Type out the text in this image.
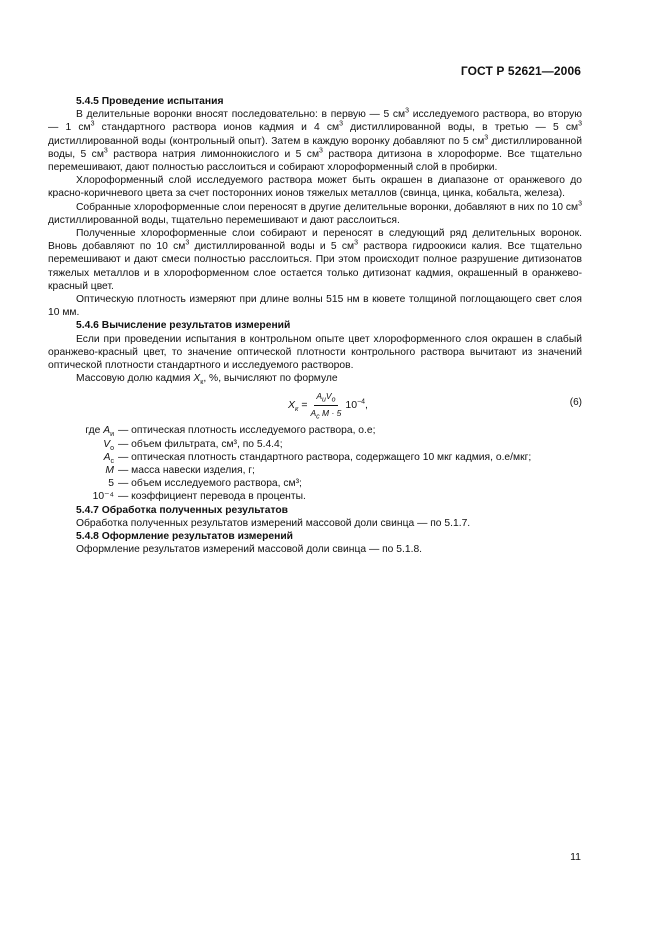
ГОСТ Р 52621—2006

5.4.5 Проведение испытания

В делительные воронки вносят последовательно: в первую — 5 $см^3$ исследуемого раствора, во вторую — 1 $см^3$ стандартного раствора ионов кадмия и 4 $см^3$ дистиллированной воды, в третью — 5 $см^3$ дистиллированной воды (контрольный опыт). Затем в каждую воронку добавляют по 5 $см^3$ дистиллированной воды, 5 $см^3$ раствора натрия лимоннокислого и 5 $см^3$ раствора дитизона в хлороформе. Все тщательно перемешивают, дают полностью расслоиться и собирают хлороформенный слой в пробирки.

Хлороформенный слой исследуемого раствора может быть окрашен в диапазоне от оранжевого до красно-коричневого цвета за счет посторонних ионов тяжелых металлов (свинца, цинка, кобальта, железа).

Собранные хлороформенные слои переносят в другие делительные воронки, добавляют в них по 10 $см^3$ дистиллированной воды, тщательно перемешивают и дают расслоиться.

Полученные хлороформенные слои собирают и переносят в следующий ряд делительных воронок. Вновь добавляют по 10 $см^3$ дистиллированной воды и 5 $см^3$ раствора гидроокиси калия. Все тщательно перемешивают и дают смеси полностью расслоиться. При этом происходит полное разрушение дитизонатов тяжелых металлов и в хлороформенном слое остается только дитизонат кадмия, окрашенный в оранжево-красный цвет.

Оптическую плотность измеряют при длине волны 515 нм в кювете толщиной поглощающего свет слоя 10 мм.

5.4.6 Вычисление результатов измерений

Если при проведении испытания в контрольном опыте цвет хлороформенного слоя окрашен в слабый оранжево-красный цвет, то значение оптической плотности контрольного раствора вычитают из значений оптической плотности стандартного и исследуемого растворов.

Массовую долю кадмия $X_к$, %, вычисляют по формуле

$X_к = \frac{A_иV_о}{A_с M \cdot 5} 10^{-4}$,	(6)
где $A_и$ — оптическая плотность исследуемого раствора, о.е;
$V_о$ — объем фильтрата, см³, по 5.4.4;
$A_с$ — оптическая плотность стандартного раствора, содержащего 10 мкг кадмия, о.е/мкг;
M — масса навески изделия, г;
5 — объем исследуемого раствора, см³;
10⁻⁴ — коэффициент перевода в проценты.

5.4.7 Обработка полученных результатов

Обработка полученных результатов измерений массовой доли свинца — по 5.1.7.

5.4.8 Оформление результатов измерений

Оформление результатов измерений массовой доли свинца — по 5.1.8.

11
